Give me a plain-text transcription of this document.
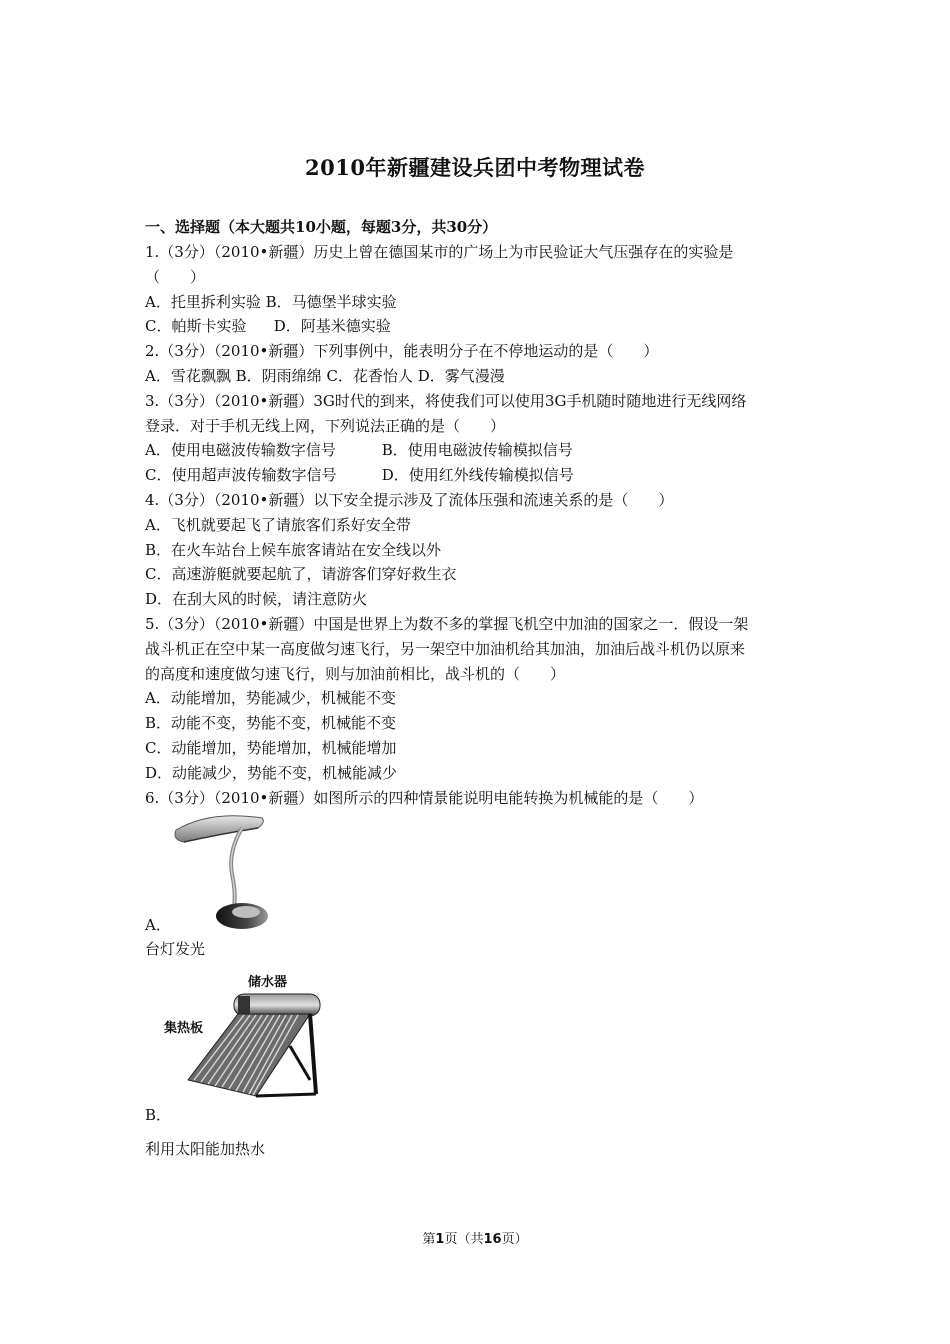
2010年新疆建设兵团中考物理试卷
一、选择题（本大题共10小题，每题3分，共30分）
1.（3分）（2010•新疆）历史上曾在德国某市的广场上为市民验证大气压强存在的实验是
（　　）
A．托里拆利实验 B．马德堡半球实验
C．帕斯卡实验 D．阿基米德实验
2.（3分）（2010•新疆）下列事例中，能表明分子在不停地运动的是（　　）
A．雪花飘飘 B．阴雨绵绵 C．花香怡人 D．雾气漫漫
3.（3分）（2010•新疆）3G时代的到来，将使我们可以使用3G手机随时随地进行无线网络
登录．对于手机无线上网，下列说法正确的是（　　）
A．使用电磁波传输数字信号	B．使用电磁波传输模拟信号
C．使用超声波传输数字信号	D．使用红外线传输模拟信号
4.（3分）（2010•新疆）以下安全提示涉及了流体压强和流速关系的是（　　）
A．飞机就要起飞了请旅客们系好安全带
B．在火车站台上候车旅客请站在安全线以外
C．高速游艇就要起航了，请游客们穿好救生衣
D．在刮大风的时候，请注意防火
5.（3分）（2010•新疆）中国是世界上为数不多的掌握飞机空中加油的国家之一．假设一架
战斗机正在空中某一高度做匀速飞行，另一架空中加油机给其加油，加油后战斗机仍以原来
的高度和速度做匀速飞行，则与加油前相比，战斗机的（　　）
A．动能增加，势能减少，机械能不变
B．动能不变，势能不变，机械能不变
C．动能增加，势能增加，机械能增加
D．动能减少，势能不变，机械能减少
6.（3分）（2010•新疆）如图所示的四种情景能说明电能转换为机械能的是（　　）
A．
台灯发光
储水器
集热板
B．
利用太阳能加热水
第1页（共16页）
